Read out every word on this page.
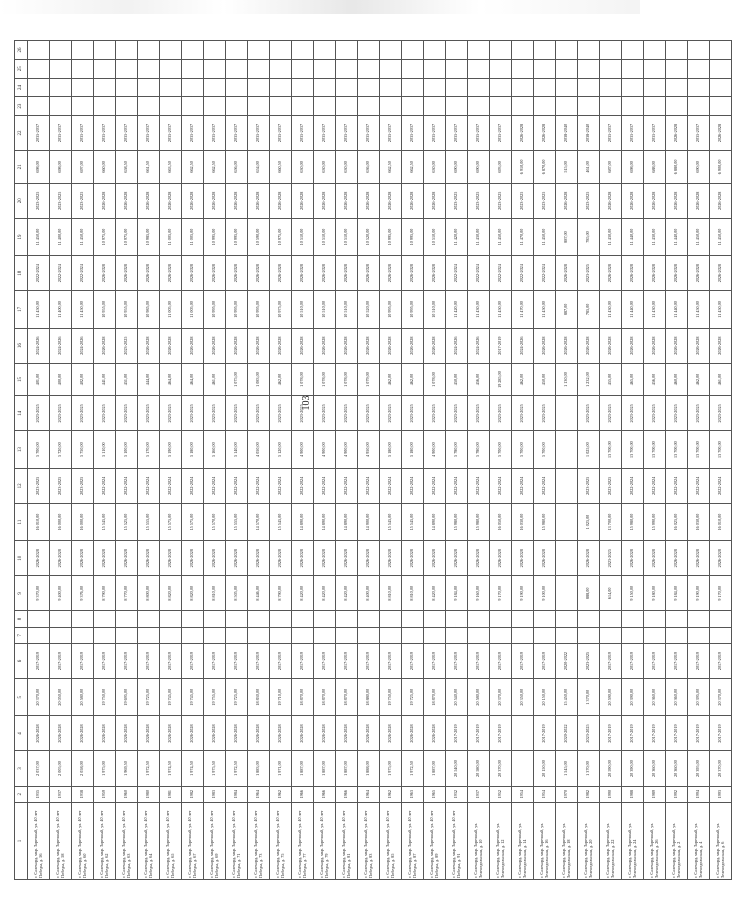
103
1	2	3	4	5	6	7	8	9	10	11	12	13	14	15	16	17	18	19	20	21	22	23	24	25	26
г. Салехард, мкр. Заречный, ул. 40 лет Победы, д. 56	1935	2 037,00	2026-2028	20 370,00	2017-2019			9 370,00	2026-2028	16 010,00	2023-2025	5 700,00	2023-2025	401,00	2024-2026	11 450,00	2022-2024	11 450,00	2023-2025	698,00	2035-2037				
г. Салехард, мкр. Заречный, ул. 40 лет Победы, д. 58	1937	2 005,00	2026-2028	20 050,00	2017-2019			9 400,00	2026-2028	16 000,00	2023-2025	5 720,00	2023-2025	400,00	2024-2026	11 400,00	2022-2024	11 400,00	2023-2025	698,00	2035-2037				
г. Салехард, мкр. Заречный, ул. 40 лет Победы, д. 60	1938	2 058,00	2026-2028	20 580,00	2017-2019			9 376,00	2026-2028	16 000,00	2023-2025	5 750,00	2023-2025	402,00	2024-2026	11 450,00	2022-2024	11 450,00	2023-2025	697,00	2035-2037				
г. Салехард, мкр. Заречный, ул. 40 лет Победы, д. 62	1959	1 975,00	2026-2028	19 750,00	2017-2019			8 790,00	2026-2028	15 545,00	2022-2024	5 110,00	2023-2025	441,00	2026-2028	10 955,00	2026-2028	10 975,00	2026-2028	660,00	2035-2037				
г. Салехард, мкр. Заречный, ул. 40 лет Победы, д. 63	1960	1 969,50	2026-2028	19 695,00	2017-2019			8 770,00	2026-2028	15 525,00	2022-2024	5 100,00	2023-2025	451,00	2023-2025	10 955,00	2026-2028	10 975,00	2026-2028	658,50	2035-2037				
г. Салехард, мкр. Заречный, ул. 40 лет Победы, д. 64	1980	1 972,50	2026-2028	19 725,00	2017-2019			8 800,00	2026-2028	15 555,00	2022-2024	5 170,00	2023-2025	444,00	2026-2028	10 985,00	2026-2028	10 985,00	2026-2028	661,50	2035-2037				
г. Салехард, мкр. Заречный, ул. 40 лет Победы, д. 65	1981	1 974,50	2026-2028	19 745,00	2017-2019			8 820,00	2026-2028	15 575,00	2022-2024	5 190,00	2023-2025	464,00	2026-2028	11 005,00	2026-2028	11 005,00	2026-2028	663,50	2035-2037				
г. Салехард, мкр. Заречный, ул. 40 лет Победы, д. 67	1982	1 974,50	2026-2028	19 745,00	2017-2019			8 820,00	2026-2028	15 575,00	2022-2024	5 180,00	2023-2025	464,00	2026-2028	11 005,00	2026-2028	11 005,00	2026-2028	662,50	2035-2037				
г. Салехард, мкр. Заречный, ул. 40 лет Победы, д. 69	1983	1 975,50	2026-2028	19 755,00	2017-2019			8 810,00	2026-2028	15 570,00	2022-2024	5 160,00	2023-2025	461,00	2026-2028	10 995,00	2026-2028	10 995,00	2026-2028	662,50	2035-2037				
г. Салехард, мкр. Заречный, ул. 40 лет Победы, д. 71	1984	1 972,50	2026-2028	19 725,00	2017-2019			8 505,00	2026-2028	15 555,00	2022-2024	5 140,00	2023-2025	1 075,00	2026-2028	10 995,00	2026-2028	10 995,00	2026-2028	656,00	2035-2037				
г. Салехард, мкр. Заречный, ул. 40 лет Победы, д. 73	1964	1 883,00	2026-2028	18 830,00	2017-2019			8 446,00	2026-2028	14 570,00	2022-2024	4 050,00	2023-2025	1 083,00	2026-2028	10 995,00	2026-2028	10 590,00	2026-2028	654,00	2035-2037				
г. Салехард, мкр. Заречный, ул. 40 лет Победы, д. 75	1962	1 971,00	2026-2028	19 710,00	2017-2019			8 790,00	2026-2028	15 545,00	2022-2024	5 120,00	2023-2025	462,00	2026-2028	10 975,00	2026-2028	10 975,00	2026-2028	660,50	2035-2037				
г. Салехард, мкр. Заречный, ул. 40 лет Победы, д. 77	1966	1 887,00	2026-2028	18 870,00	2017-2019			8 420,00	2026-2028	14 890,00	2022-2024	4 900,00	2023-2025	1 078,00	2026-2028	10 510,00	2026-2028	10 510,00	2026-2028	630,00	2035-2037				
г. Салехард, мкр. Заречный, ул. 40 лет Победы, д. 79	1966	1 887,00	2026-2028	18 870,00	2017-2019			8 420,00	2026-2028	14 890,00	2022-2024	4 900,00	2023-2025	1 078,00	2026-2028	10 510,00	2026-2028	10 510,00	2026-2028	630,00	2035-2037				
г. Салехард, мкр. Заречный, ул. 40 лет Победы, д. 81	1966	1 887,00	2026-2028	18 870,00	2017-2019			8 420,00	2026-2028	14 890,00	2022-2024	4 900,00	2023-2025	1 078,00	2026-2028	10 510,00	2026-2028	10 510,00	2026-2028	630,00	2035-2037				
г. Салехард, мкр. Заречный, ул. 40 лет Победы, д. 83	1964	1 888,00	2026-2028	18 880,00	2017-2019			8 400,00	2026-2028	14 900,00	2022-2024	4 950,00	2023-2025	1 079,00	2026-2028	10 520,00	2026-2028	10 520,00	2026-2028	636,00	2035-2037				
г. Салехард, мкр. Заречный, ул. 40 лет Победы, д. 85	1962	1 975,00	2026-2028	19 750,00	2017-2019			8 810,00	2026-2028	15 545,00	2022-2024	5 180,00	2023-2025	462,00	2026-2028	10 995,00	2026-2028	10 995,00	2026-2028	662,50	2035-2037				
г. Салехард, мкр. Заречный, ул. 40 лет Победы, д. 87	1963	1 972,50	2026-2028	19 725,00	2017-2019			8 810,00	2026-2028	15 545,00	2022-2024	5 180,00	2023-2025	462,00	2026-2028	10 995,00	2026-2028	10 995,00	2026-2028	662,50	2035-2037				
г. Салехард, мкр. Заречный, ул. 40 лет Победы, д. 89	1965	1 887,00	2026-2028	18 870,00	2017-2019			8 420,00	2026-2028	14 890,00	2022-2024	4 900,00	2023-2025	1 078,00	2026-2028	10 510,00	2026-2028	10 510,00	2026-2028	630,00	2035-2037				
г. Салехард, мкр. Заречный, ул. 40 лет Победы, д. 91	1932	20 540,00	2017-2019	20 540,00	2017-2019			9 184,00	2026-2028	15 980,00	2022-2024	5 780,00	2023-2025	450,00	2024-2026	11 420,00	2022-2024	11 420,00	2023-2025	690,00	2035-2037				
г. Салехард, мкр. Заречный, ул. Зеленодольская, д. 10	1937	20 580,00	2017-2019	20 580,00	2017-2019			9 160,00	2026-2028	15 980,00	2022-2024	5 780,00	2023-2025	456,00	2024-2026	11 430,00	2022-2024	11 430,00	2023-2025	690,00	2035-2037				
г. Салехард, мкр. Заречный, ул. Зеленодольская, д. 12	1952	20 370,00	2017-2019	20 370,00	2017-2019			9 170,00	2026-2028	16 050,00	2022-2024	5 700,00	2023-2025	19 285,00	2017-2019	11 450,00	2022-2024	11 450,00	2023-2025	693,00	2035-2037				
г. Салехард, мкр. Заречный, ул. Зеленодольская, д. 14	1954			20 350,00	2017-2019			9 190,00	2026-2028	16 030,00	2022-2024	5 700,00	2023-2025	462,00	2024-2026	11 470,00	2022-2024	11 470,00	2023-2025	6 910,00	2026-2028				
г. Салехард, мкр. Заречный, ул. Зеленодольская, д. 16	1954	20 150,00	2017-2019	20 150,00	2017-2019			9 100,00	2026-2028	15 980,00	2022-2024	5 700,00	2023-2025	450,00	2026-2028	11 450,00	2022-2024	11 450,00	2023-2025	6 870,00	2026-2028				
г. Салехард, мкр. Заречный, ул. Зеленодольская, д. 18	1970	1 545,00	2020-2022	15 450,00	2020-2022									1 130,00	2026-2028	887,00	2026-2028	887,00	2026-2028	515,00	2038-2040				
г. Салехард, мкр. Заречный, ул. Зеленодольская, д. 20	1982	1 370,00	2023-2025	1 370,00	2023-2025			888,00	2026-2028	1 025,00	2023-2025	1 025,00	2023-2025	1 232,00	2026-2028	785,00	2023-2025	785,00	2023-2025	461,00	2038-2040				
г. Салехард, мкр. Заречный, ул. Зеленодольская, д. 22	1990	20 590,00	2017-2019	20 590,00	2017-2019			614,00	2023-2025	13 700,00	2023-2025	13 700,00	2023-2025	455,00	2026-2028	11 430,00	2026-2028	11 430,00	2026-2028	687,00	2035-2037				
г. Салехард, мкр. Заречный, ул. Зеленодольская, д. 24	1988	20 390,00	2017-2019	20 390,00	2017-2019			9 150,00	2026-2028	15 980,00	2022-2024	13 700,00	2023-2025	465,00	2026-2028	11 440,00	2026-2028	11 440,00	2026-2028	698,00	2035-2037				
г. Салехард, мкр. Заречный, ул. Зеленодольская, д. 26	1989	20 360,00	2017-2019	20 360,00	2017-2019			9 180,00	2026-2028	15 990,00	2022-2024	13 700,00	2023-2025	456,00	2026-2028	11 430,00	2026-2028	11 430,00	2026-2028	688,00	2035-2037				
г. Салехард, мкр. Заречный, ул. Зеленодольская, д. 2	1992	20 360,00	2017-2019	20 360,00	2017-2019			9 184,00	2026-2028	16 025,00	2022-2024	13 700,00	2023-2025	460,00	2026-2028	11 440,00	2026-2028	11 440,00	2026-2028	6 880,00	2026-2028				
г. Салехард, мкр. Заречный, ул. Зеленодольская, д. 4	1994	20 395,00	2017-2019	20 395,00	2017-2019			9 190,00	2026-2028	16 030,00	2022-2024	13 700,00	2023-2025	462,00	2026-2028	11 450,00	2026-2028	11 450,00	2026-2028	690,00	2035-2037				
г. Салехард, мкр. Заречный, ул. Зеленодольская, д. 6	1993	20 370,00	2017-2019	20 370,00	2017-2019			9 170,00	2026-2028	16 010,00	2022-2024	13 700,00	2023-2025	461,00	2026-2028	11 450,00	2026-2028	11 450,00	2026-2028	6 900,00	2026-2028				
